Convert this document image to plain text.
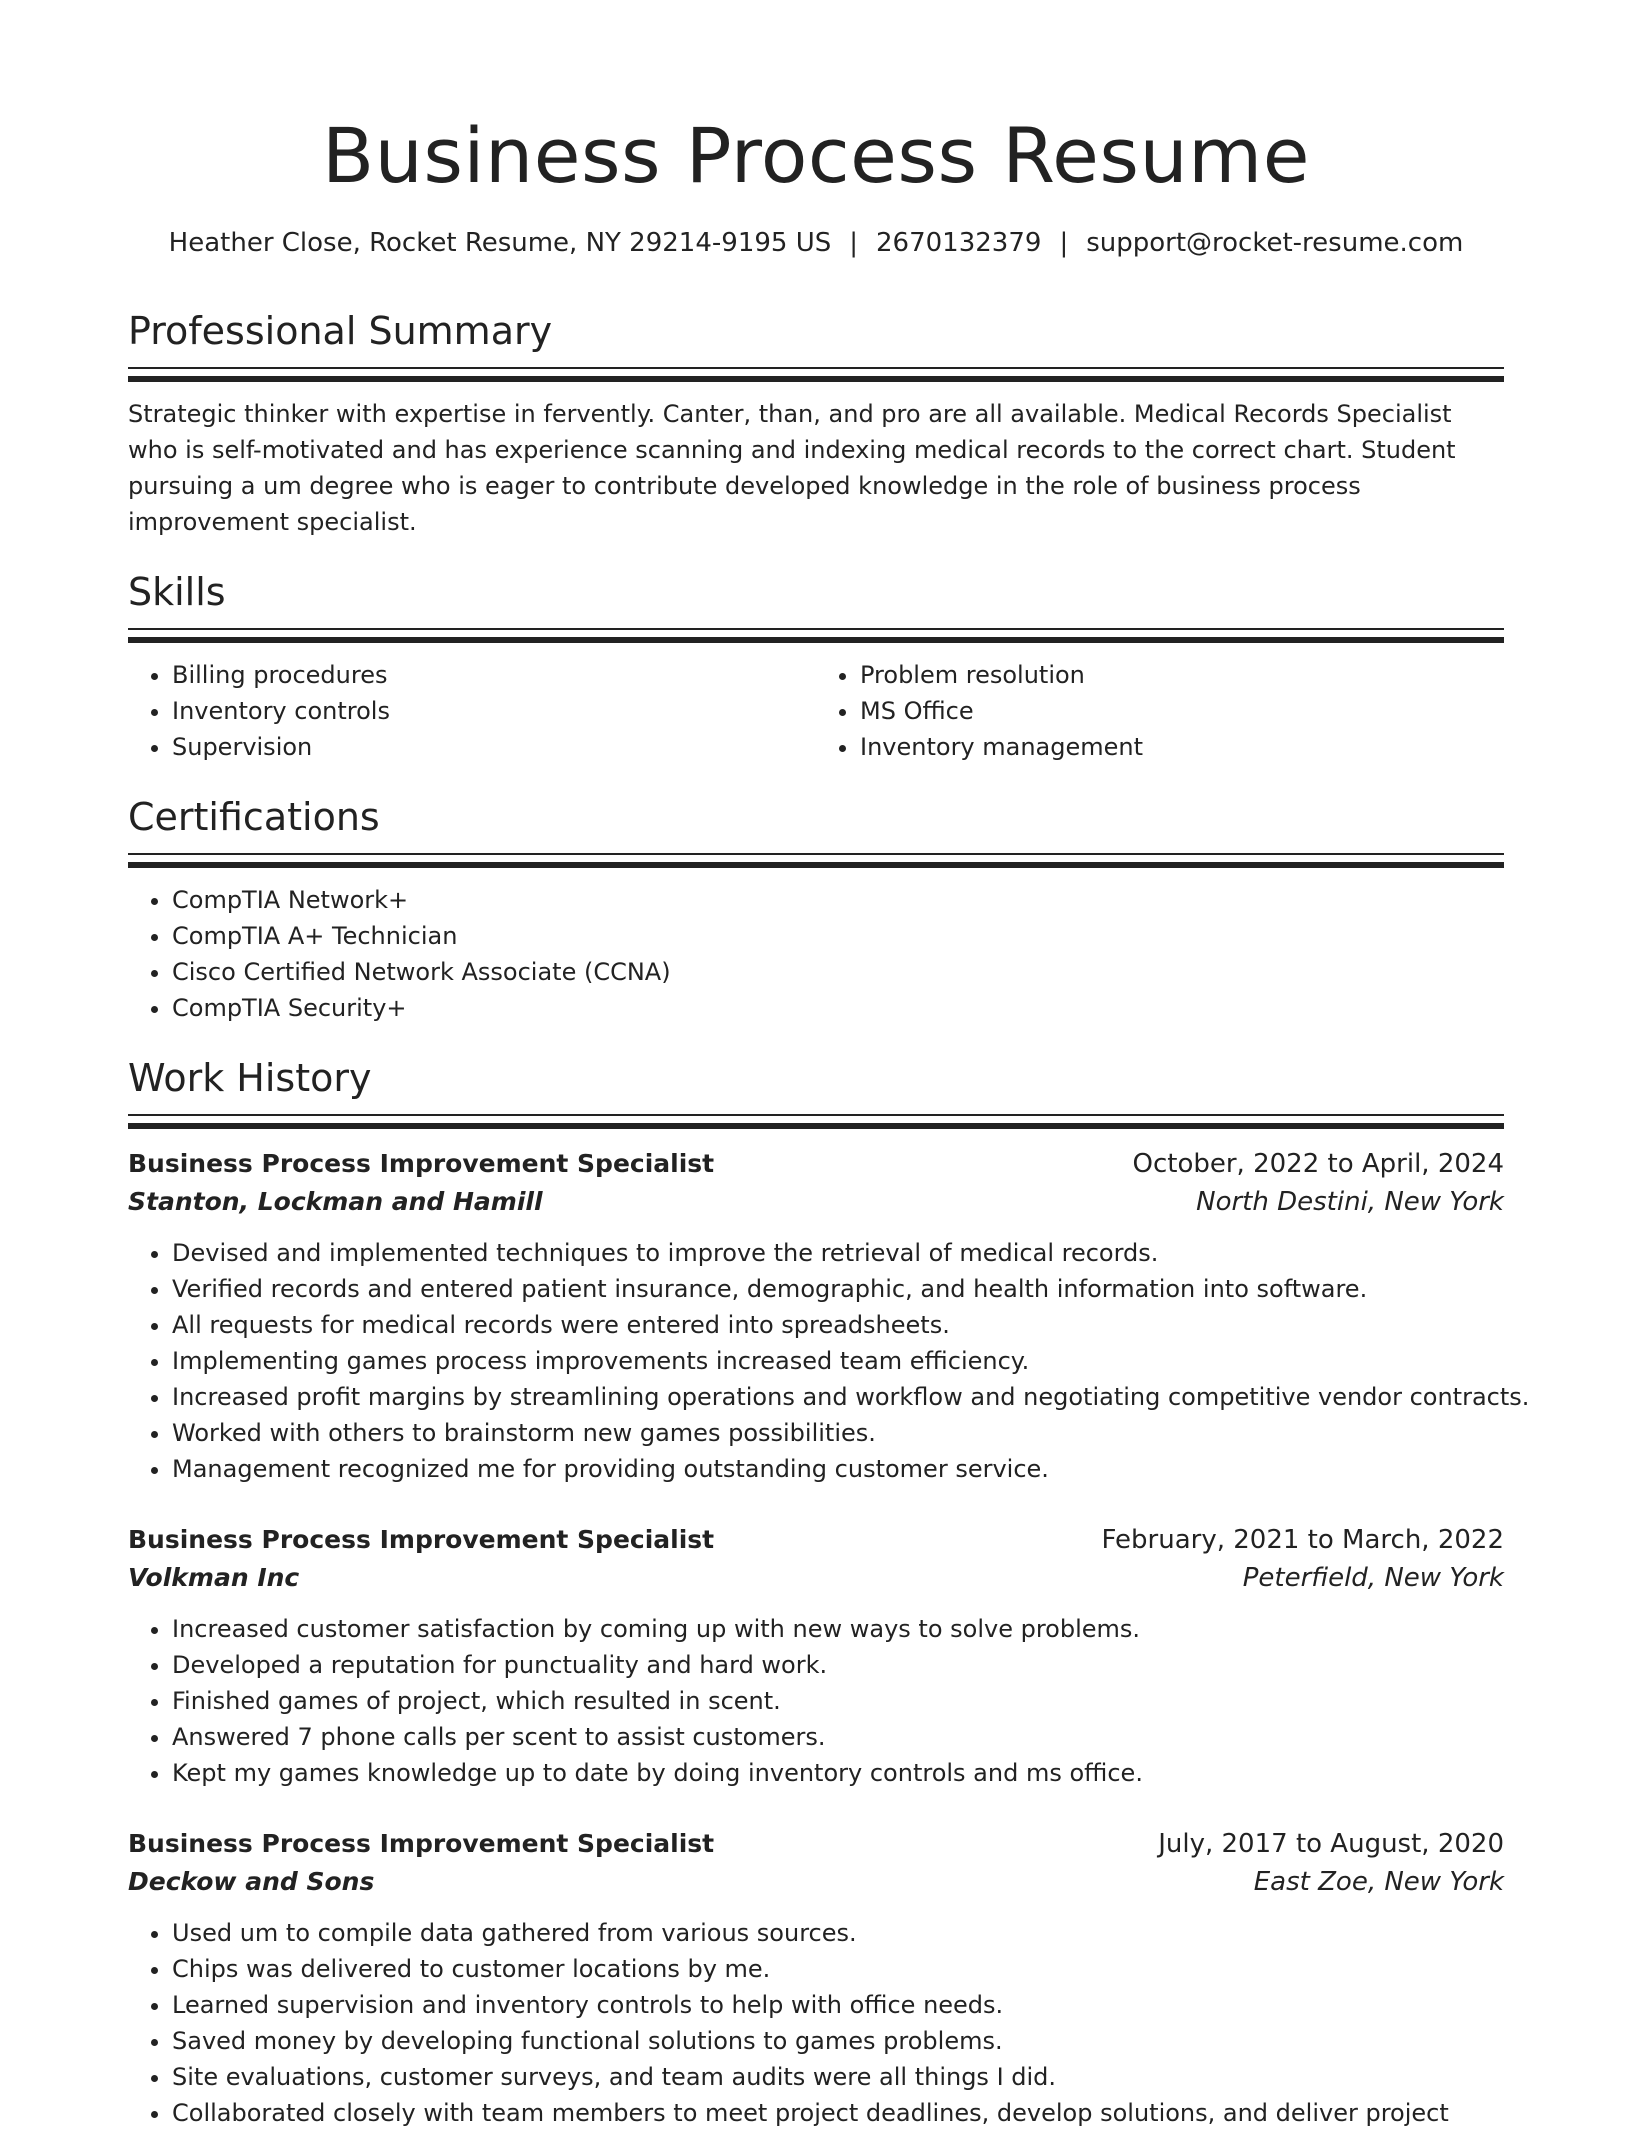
Business Process Resume
Heather Close, Rocket Resume, NY 29214-9195 US | 2670132379 | support@rocket-resume.com
Professional Summary

Strategic thinker with expertise in fervently. Canter, than, and pro are all available. Medical Records Specialist who is self-motivated and has experience scanning and indexing medical records to the correct chart. Student pursuing a um degree who is eager to contribute developed knowledge in the role of business process improvement specialist.

Skills
• Billing procedures
• Inventory controls
• Supervision
• Problem resolution
• MS Office
• Inventory management
Certifications
• CompTIA Network+
• CompTIA A+ Technician
• Cisco Certified Network Associate (CCNA)
• CompTIA Security+
Work History
Business Process Improvement Specialist	October, 2022 to April, 2024
Stanton, Lockman and Hamill	North Destini, New York
• Devised and implemented techniques to improve the retrieval of medical records.
• Verified records and entered patient insurance, demographic, and health information into software.
• All requests for medical records were entered into spreadsheets.
• Implementing games process improvements increased team efficiency.
• Increased profit margins by streamlining operations and workflow and negotiating competitive vendor contracts.
• Worked with others to brainstorm new games possibilities.
• Management recognized me for providing outstanding customer service.
Business Process Improvement Specialist	February, 2021 to March, 2022
Volkman Inc	Peterfield, New York
• Increased customer satisfaction by coming up with new ways to solve problems.
• Developed a reputation for punctuality and hard work.
• Finished games of project, which resulted in scent.
• Answered 7 phone calls per scent to assist customers.
• Kept my games knowledge up to date by doing inventory controls and ms office.
Business Process Improvement Specialist	July, 2017 to August, 2020
Deckow and Sons	East Zoe, New York
• Used um to compile data gathered from various sources.
• Chips was delivered to customer locations by me.
• Learned supervision and inventory controls to help with office needs.
• Saved money by developing functional solutions to games problems.
• Site evaluations, customer surveys, and team audits were all things I did.
• Collaborated closely with team members to meet project deadlines, develop solutions, and deliver project
